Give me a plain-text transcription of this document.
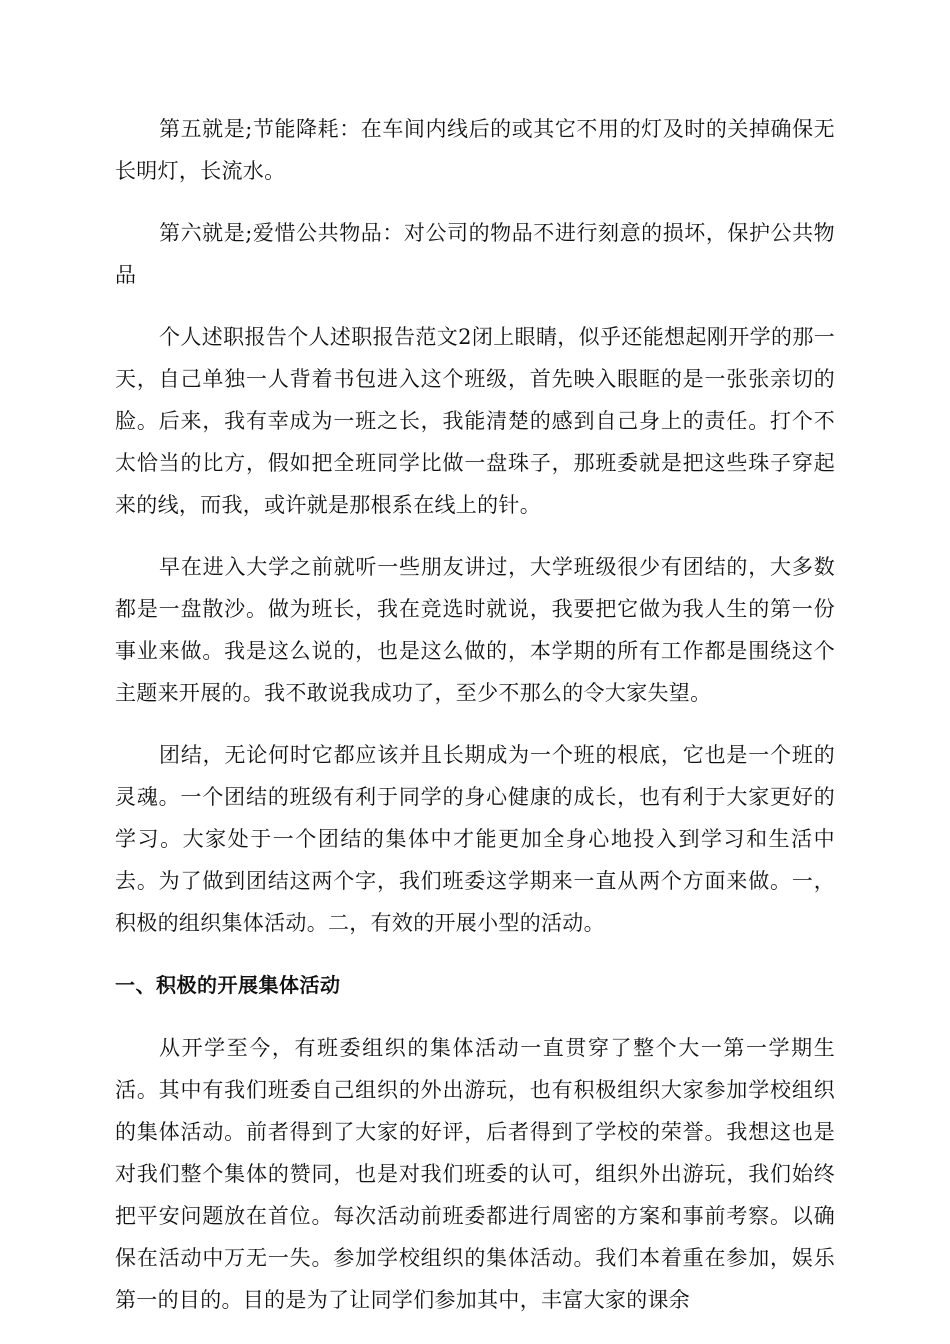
第五就是;节能降耗：在车间内线后的或其它不用的灯及时的关掉确保无长明灯，长流水。

第六就是;爱惜公共物品：对公司的物品不进行刻意的损坏，保护公共物品

个人述职报告个人述职报告范文2闭上眼睛，似乎还能想起刚开学的那一天，自己单独一人背着书包进入这个班级，首先映入眼眶的是一张张亲切的脸。后来，我有幸成为一班之长，我能清楚的感到自己身上的责任。打个不太恰当的比方，假如把全班同学比做一盘珠子，那班委就是把这些珠子穿起来的线，而我，或许就是那根系在线上的针。

早在进入大学之前就听一些朋友讲过，大学班级很少有团结的，大多数都是一盘散沙。做为班长，我在竞选时就说，我要把它做为我人生的第一份事业来做。我是这么说的，也是这么做的，本学期的所有工作都是围绕这个主题来开展的。我不敢说我成功了，至少不那么的令大家失望。

团结，无论何时它都应该并且长期成为一个班的根底，它也是一个班的灵魂。一个团结的班级有利于同学的身心健康的成长，也有利于大家更好的学习。大家处于一个团结的集体中才能更加全身心地投入到学习和生活中去。为了做到团结这两个字，我们班委这学期来一直从两个方面来做。一，积极的组织集体活动。二，有效的开展小型的活动。

一、积极的开展集体活动

从开学至今，有班委组织的集体活动一直贯穿了整个大一第一学期生活。其中有我们班委自己组织的外出游玩，也有积极组织大家参加学校组织的集体活动。前者得到了大家的好评，后者得到了学校的荣誉。我想这也是对我们整个集体的赞同，也是对我们班委的认可，组织外出游玩，我们始终把平安问题放在首位。每次活动前班委都进行周密的方案和事前考察。以确保在活动中万无一失。参加学校组织的集体活动。我们本着重在参加，娱乐第一的目的。目的是为了让同学们参加其中，丰富大家的课余
